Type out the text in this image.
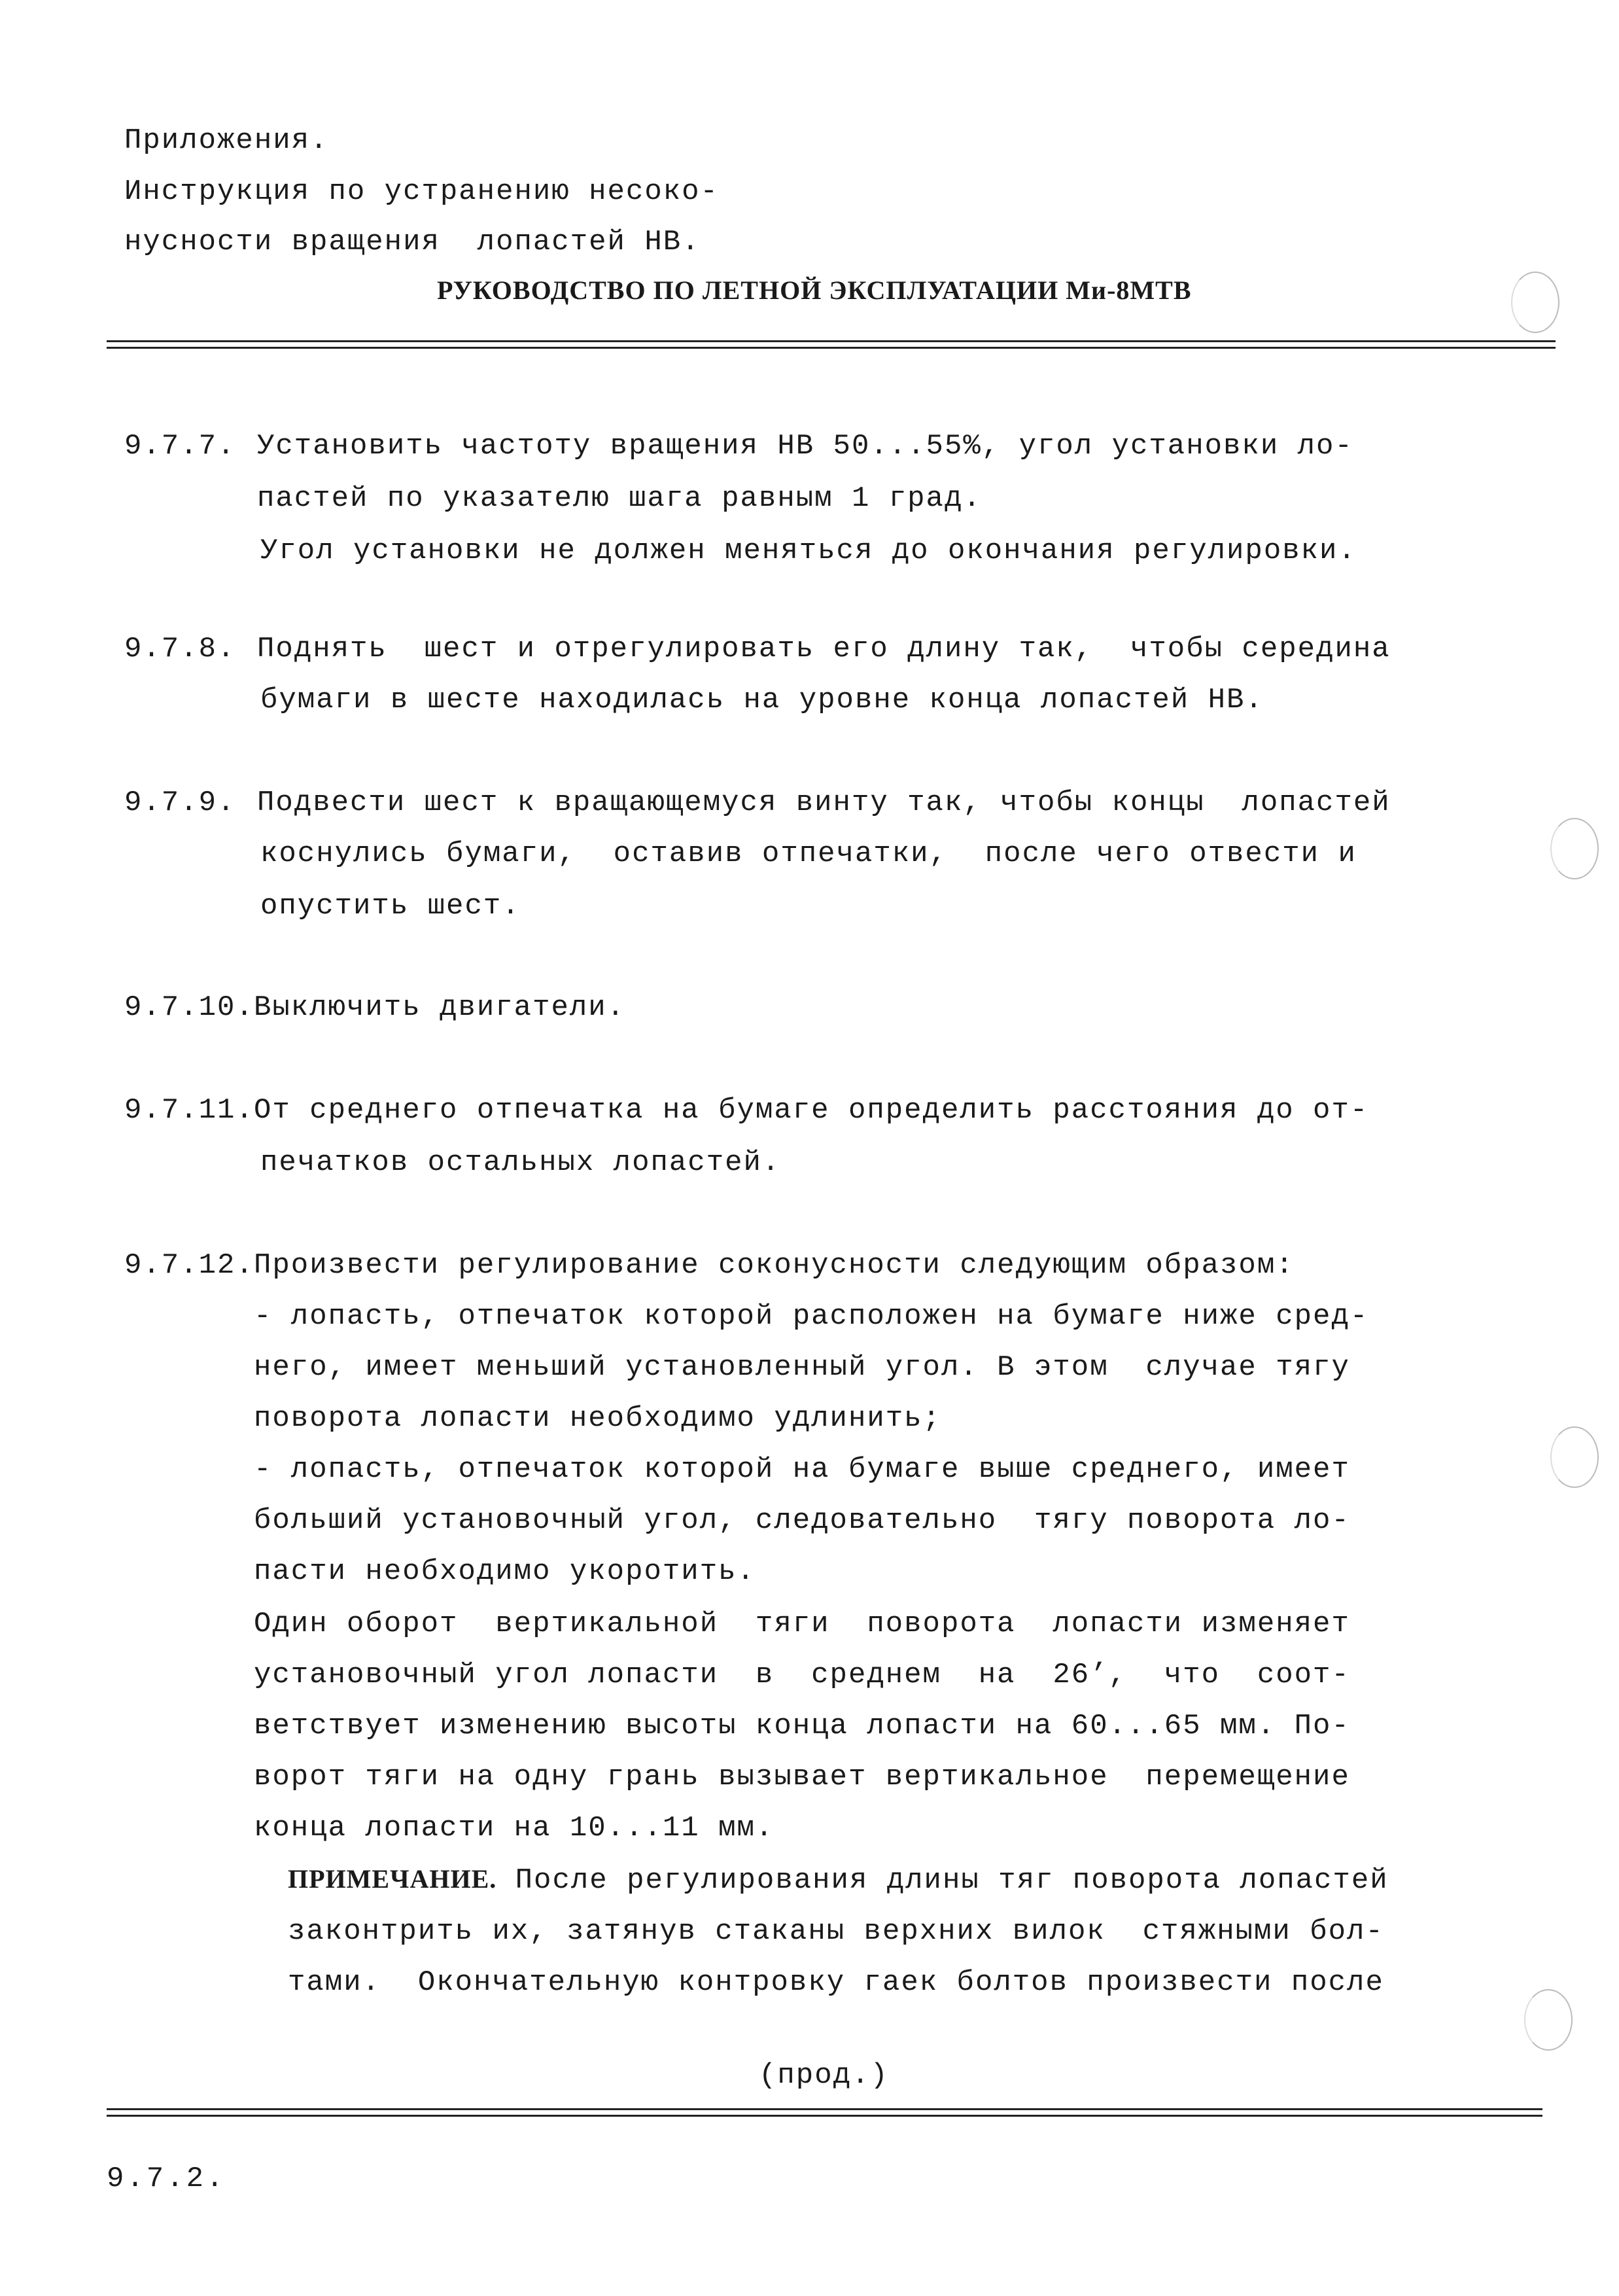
Приложения.
Инструкция по устранению несоко-
нусности вращения  лопастей НВ.
РУКОВОДСТВО ПО ЛЕТНОЙ ЭКСПЛУАТАЦИИ Ми-8МТВ
9.7.7. Установить частоту вращения НВ 50...55%, угол установки ло-
пастей по указателю шага равным 1 град.
Угол установки не должен меняться до окончания регулировки.
9.7.8. Поднять  шест и отрегулировать его длину так,  чтобы середина
бумаги в шесте находилась на уровне конца лопастей НВ.
9.7.9. Подвести шест к вращающемуся винту так, чтобы концы  лопастей
коснулись бумаги,  оставив отпечатки,  после чего отвести и
опустить шест.
9.7.10. Выключить двигатели.
9.7.11. От среднего отпечатка на бумаге определить расстояния до от-
печатков остальных лопастей.
9.7.12. Произвести регулирование соконусности следующим образом:
- лопасть, отпечаток которой расположен на бумаге ниже сред-
него, имеет меньший установленный угол. В этом  случае тягу
поворота лопасти необходимо удлинить;
- лопасть, отпечаток которой на бумаге выше среднего, имеет
больший установочный угол, следовательно  тягу поворота ло-
пасти необходимо укоротить.
Один оборот  вертикальной  тяги  поворота  лопасти изменяет
установочный угол лопасти  в  среднем  на  26’,  что  соот-
ветствует изменению высоты конца лопасти на 60...65 мм. По-
ворот тяги на одну грань вызывает вертикальное  перемещение
конца лопасти на 10...11 мм.
ПРИМЕЧАНИЕ. После регулирования длины тяг поворота лопастей
законтрить их, затянув стаканы верхних вилок  стяжными бол-
тами.  Окончательную контровку гаек болтов произвести после
(прод.)
9.7.2.
